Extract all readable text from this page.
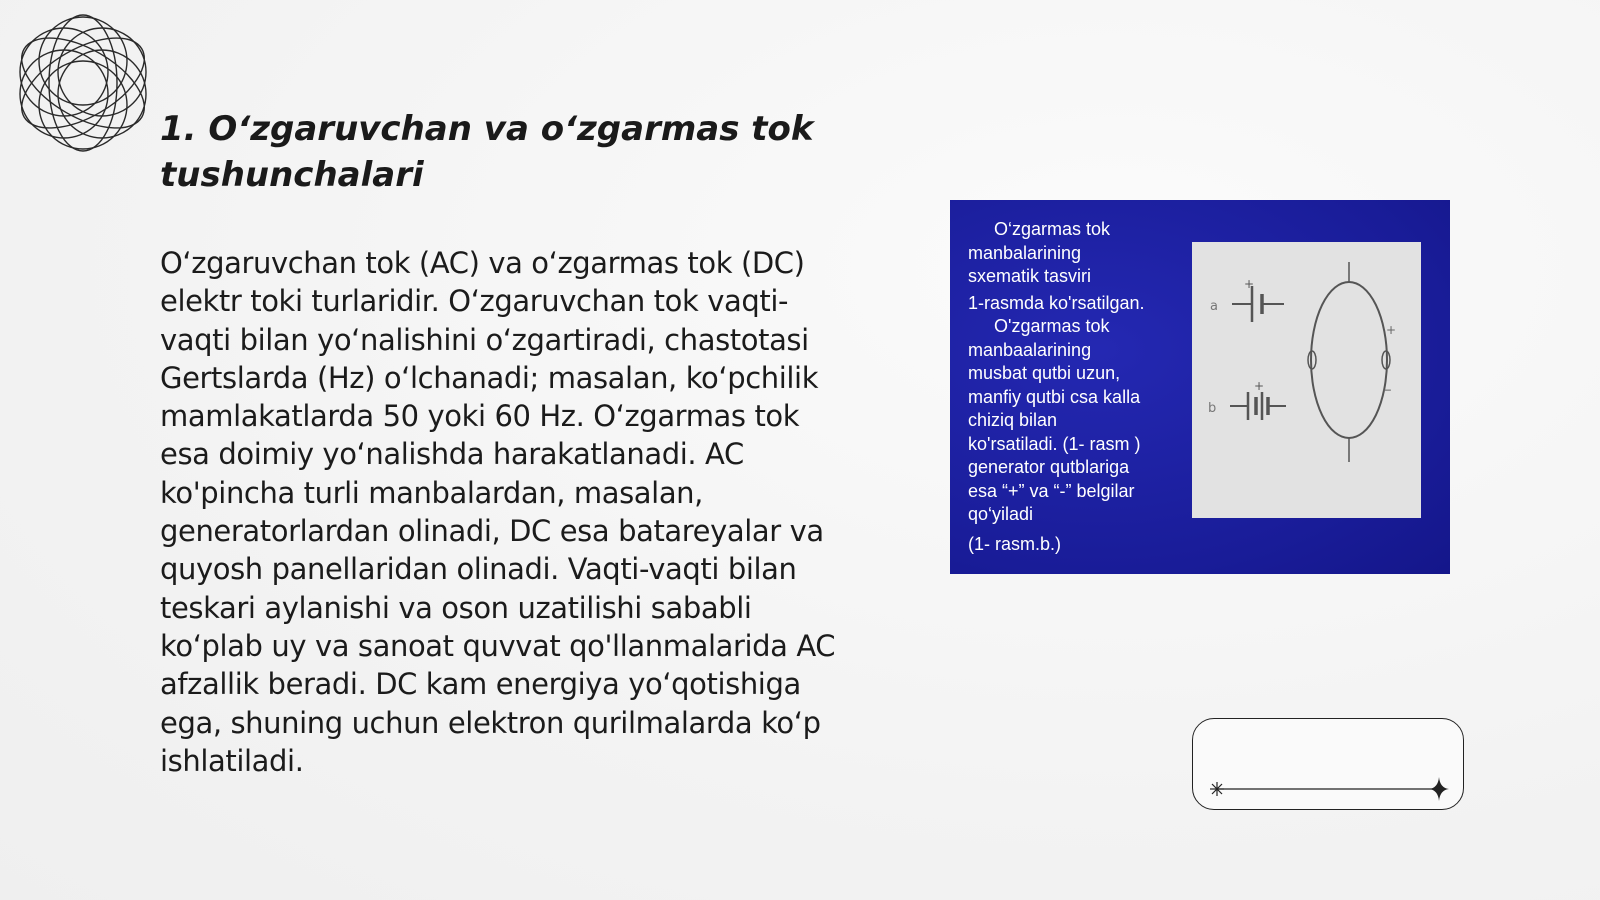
1. O‘zgaruvchan va o‘zgarmas tok tushunchalari

O‘zgaruvchan tok (AC) va o‘zgarmas tok (DC) elektr toki turlaridir. O‘zgaruvchan tok vaqti-vaqti bilan yo‘nalishini o‘zgartiradi, chastotasi Gertslarda (Hz) o‘lchanadi; masalan, ko‘pchilik mamlakatlarda 50 yoki 60 Hz. O‘zgarmas tok esa doimiy yo‘nalishda harakatlanadi. AC ko'pincha turli manbalardan, masalan, generatorlardan olinadi, DC esa batareyalar va quyosh panellaridan olinadi. Vaqti-vaqti bilan teskari aylanishi va oson uzatilishi sababli ko‘plab uy va sanoat quvvat qo'llanmalarida AC afzallik beradi. DC kam energiya yo‘qotishiga ega, shuning uchun elektron qurilmalarda ko‘p ishlatiladi.

O‘zgarmas tok
manbalarining
sxematik tasviri
1-rasmda ko'rsatilgan.
O'zgarmas tok
manbaalarining
musbat qutbi uzun,
manfiy qutbi csa kalla
chiziq bilan
ko'rsatiladi. (1- rasm )
generator qutblariga
esa “+” va “-” belgilar
qo‘yiladi
(1- rasm.b.)
+
a
+
b
+
−
